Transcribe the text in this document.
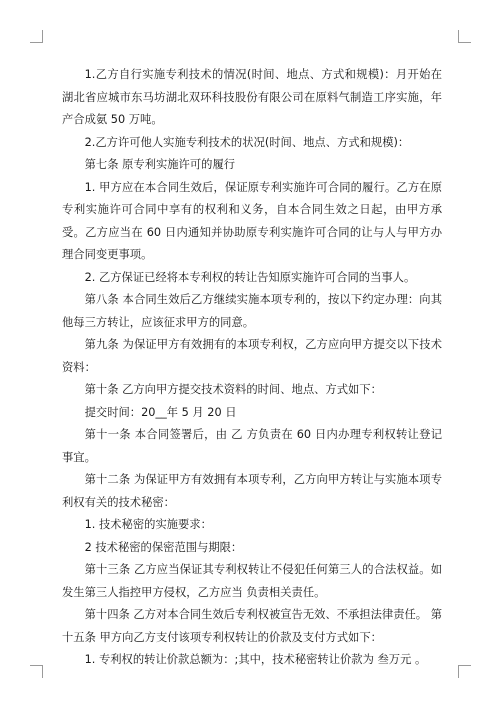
1.乙方自行实施专利技术的情况(时间、地点、方式和规模)：月开始在湖北省应城市东马坊湖北双环科技股份有限公司在原料气制造工序实施，年产合成氨 50 万吨。

2.乙方许可他人实施专利技术的状况(时间、地点、方式和规模)：

第七条 原专利实施许可的履行

1. 甲方应在本合同生效后，保证原专利实施许可合同的履行。乙方在原专利实施许可合同中享有的权利和义务，自本合同生效之日起，由甲方承受。乙方应当在 60 日内通知并协助原专利实施许可合同的让与人与甲方办理合同变更事项。

2. 乙方保证已经将本专利权的转让告知原实施许可合同的当事人。

第八条 本合同生效后乙方继续实施本项专利的，按以下约定办理：向其他每三方转让，应该征求甲方的同意。

第九条 为保证甲方有效拥有的本项专利权，乙方应向甲方提交以下技术资料：

第十条 乙方向甲方提交技术资料的时间、地点、方式如下：

提交时间：20__年 5 月 20 日

第十一条 本合同签署后，由 乙 方负责在 60 日内办理专利权转让登记事宜。

第十二条 为保证甲方有效拥有本项专利，乙方向甲方转让与实施本项专利权有关的技术秘密：

1. 技术秘密的实施要求：

2 技术秘密的保密范围与期限：

第十三条 乙方应当保证其专利权转让不侵犯任何第三人的合法权益。如发生第三人指控甲方侵权，乙方应当 负责相关责任。

第十四条 乙方对本合同生效后专利权被宣告无效、不承担法律责任。 第十五条 甲方向乙方支付该项专利权转让的价款及支付方式如下：

1. 专利权的转让价款总额为：;其中，技术秘密转让价款为 叁万元 。
